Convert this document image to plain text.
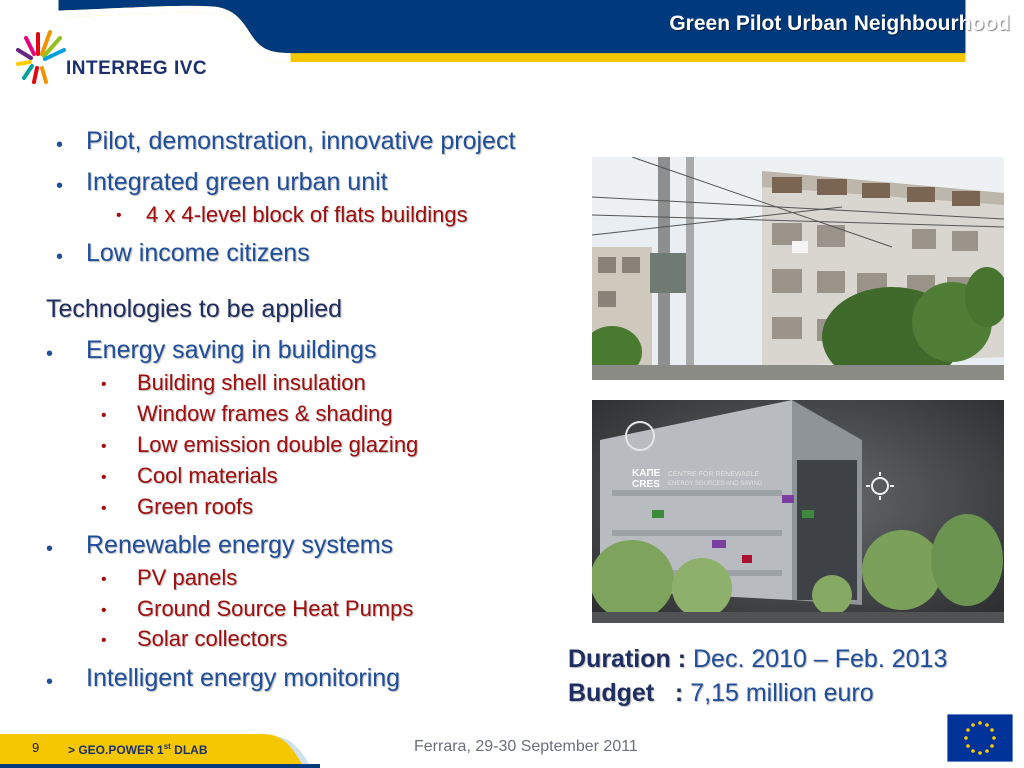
Green Pilot Urban Neighbourhood
INTERREG IVC
• Pilot, demonstration, innovative project
• Integrated green urban unit
• 4 x 4-level block of flats buildings
• Low income citizens
Technologies to be applied
• Energy saving in buildings
• Building shell insulation
• Window frames & shading
• Low emission double glazing
• Cool materials
• Green roofs
• Renewable energy systems
• PV panels
• Ground Source Heat Pumps
• Solar collectors
• Intelligent energy monitoring
ΚΑΠΕ
CRES
CENTRE FOR RENEWABLE
ENERGY SOURCES AND SAVING
Duration : Dec. 2010 – Feb. 2013
Budget   : 7,15 million euro
9 > GEO.POWER 1st DLAB	Ferrara, 29-30 September 2011
